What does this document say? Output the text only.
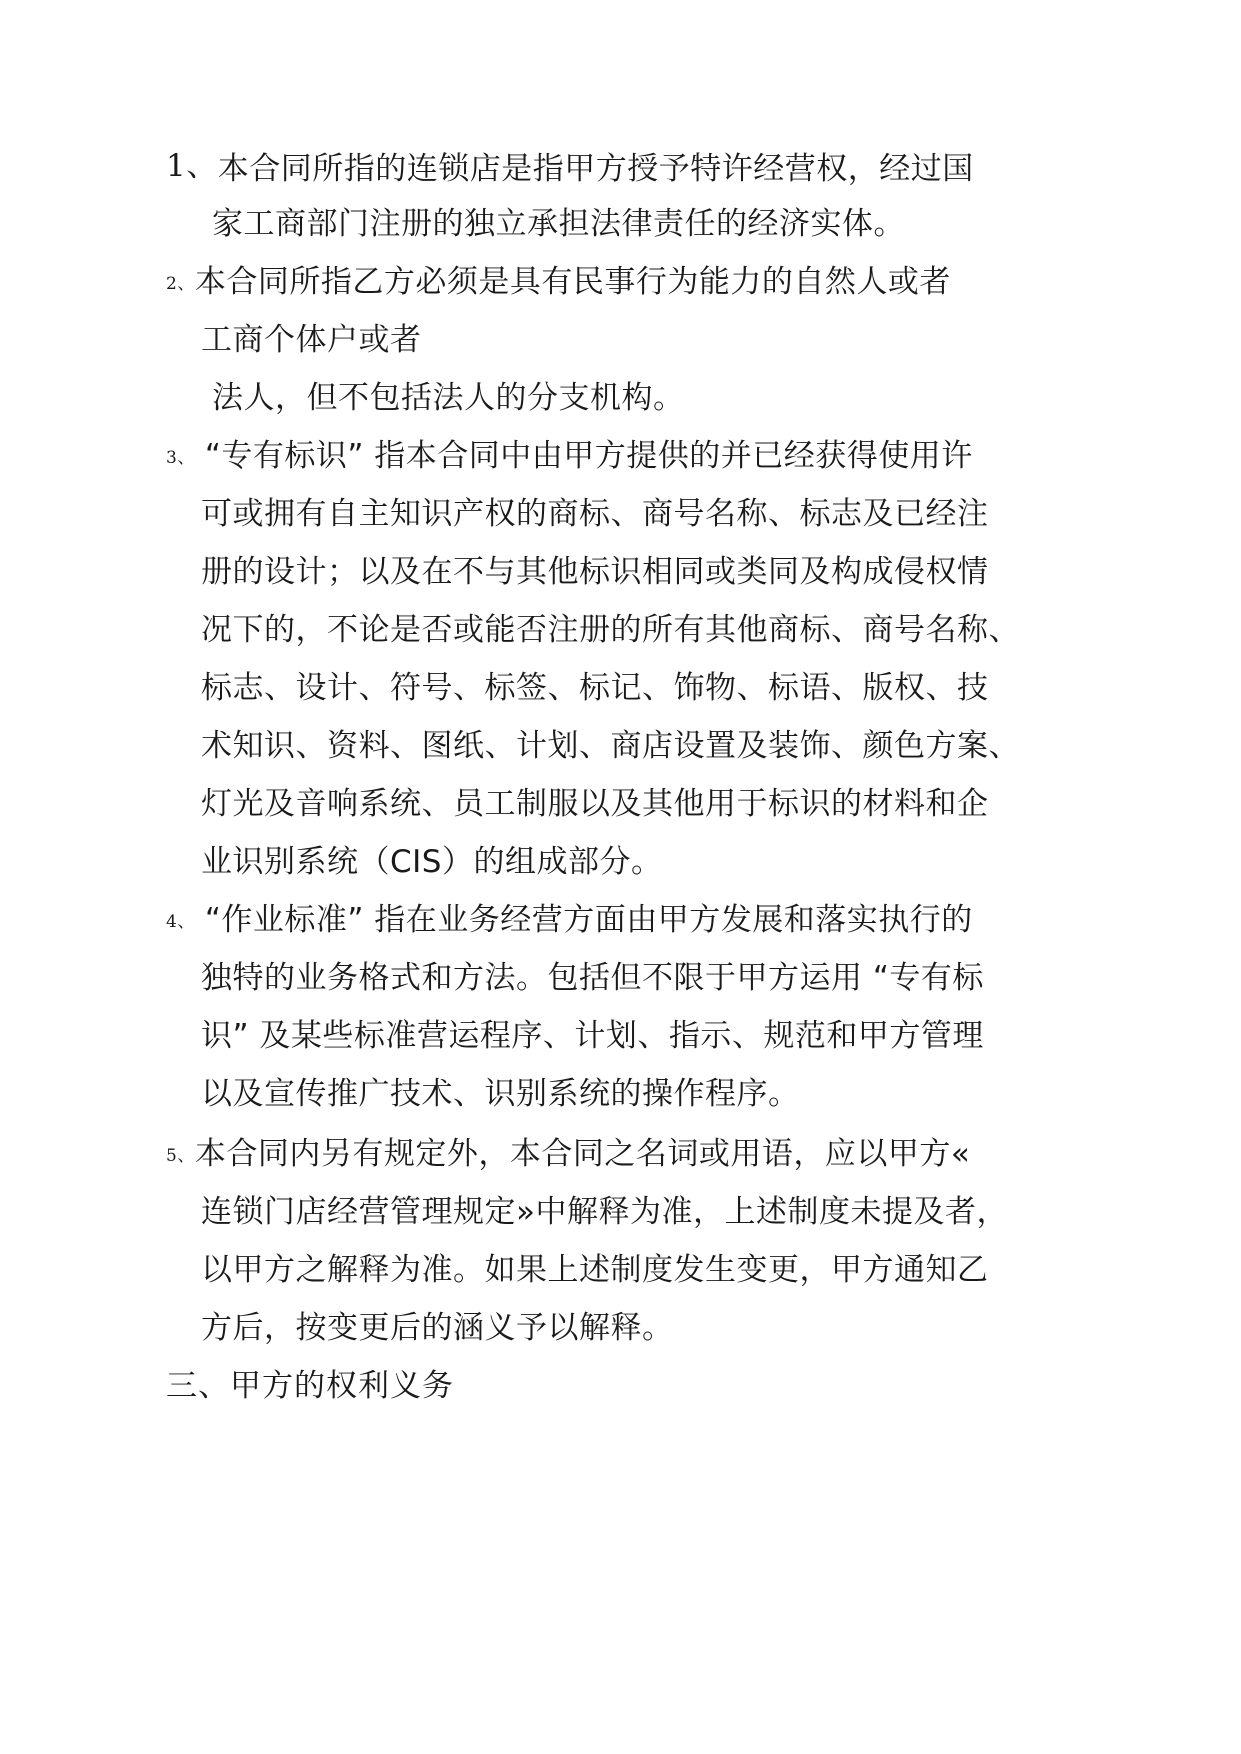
1、本合同所指的连锁店是指甲方授予特许经营权，经过国
家工商部门注册的独立承担法律责任的经济实体。
2、本合同所指乙方必须是具有民事行为能力的自然人或者
工商个体户或者
法人，但不包括法人的分支机构。
3、 “专有标识” 指本合同中由甲方提供的并已经获得使用许
可或拥有自主知识产权的商标、商号名称、标志及已经注
册的设计；以及在不与其他标识相同或类同及构成侵权情
况下的，不论是否或能否注册的所有其他商标、商号名称、
标志、设计、符号、标签、标记、饰物、标语、版权、技
术知识、资料、图纸、计划、商店设置及装饰、颜色方案、
灯光及音响系统、员工制服以及其他用于标识的材料和企
业识别系统（CIS）的组成部分。
4、 “作业标准” 指在业务经营方面由甲方发展和落实执行的
独特的业务格式和方法。包括但不限于甲方运用 “专有标
识” 及某些标准营运程序、计划、指示、规范和甲方管理
以及宣传推广技术、识别系统的操作程序。
5、本合同内另有规定外，本合同之名词或用语，应以甲方«
连锁门店经营管理规定»中解释为准，上述制度未提及者，
以甲方之解释为准。如果上述制度发生变更，甲方通知乙
方后，按变更后的涵义予以解释。
三、甲方的权利义务
